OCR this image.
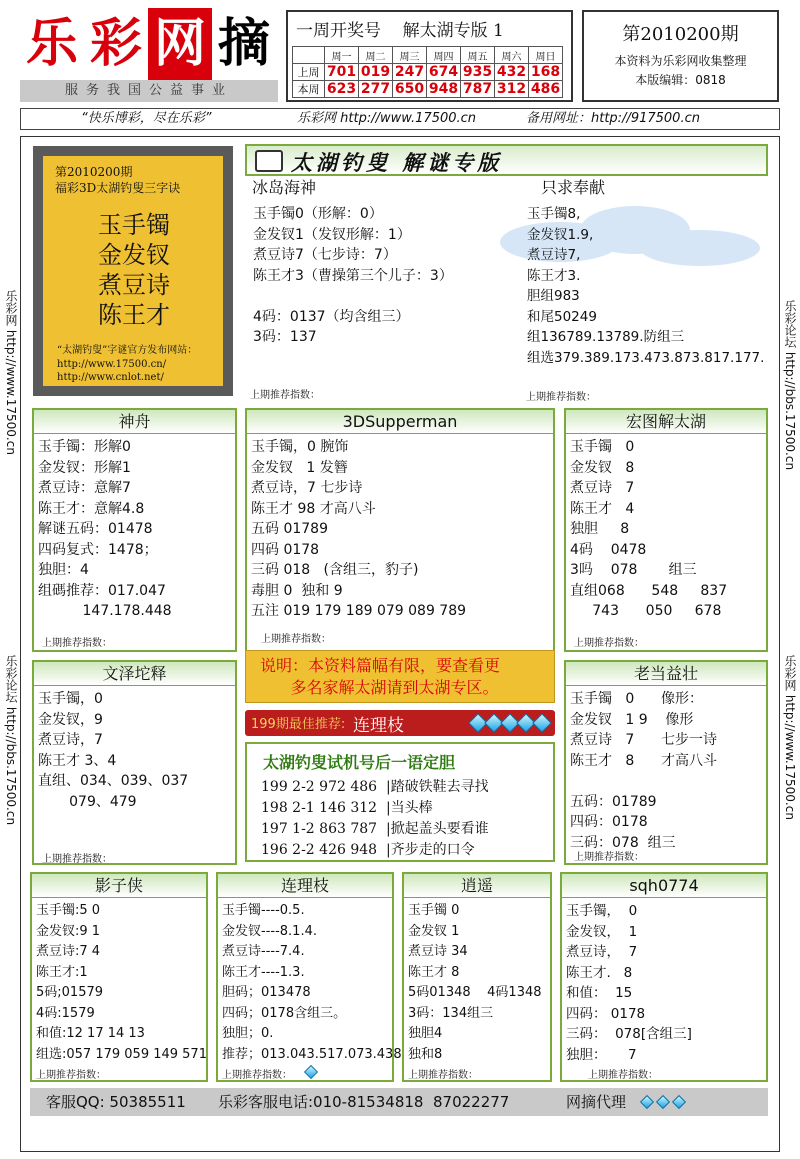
乐 彩 网 摘
服务我国公益事业
一周开奖号    解太湖专版 1
	周一	周二	周三	周四	周五	周六	周日
上周	701	019	247	674	935	432	168
本周	623	277	650	948	787	312	486
第2010200期
本资料为乐彩网收集整理
本版编辑：0818
“快乐博彩，尽在乐彩”	乐彩网 http://www.17500.cn	备用网址：http://917500.cn
乐彩网 http://www.17500.cn
乐彩论坛 http://bbs.17500.cn
乐彩论坛 http://bbs.17500.cn
乐彩网 http://www.17500.cn
第2010200期
福彩3D太湖钓叟三字诀
玉手镯
金发钗
煮豆诗
陈王才
“太湖钓叟”字谜官方发布网站：
http://www.17500.cn/
http://www.cnlot.net/
太湖钓叟 解谜专版
冰岛海神
玉手镯0（形解：0）
金发钗1（发钗形解：1）
煮豆诗7（七步诗：7）
陈王才3（曹操第三个儿子：3）

4码：0137（均含组三）
3码：137
上期推荐指数：
只求奉献
玉手镯8,
金发钗1.9,
煮豆诗7,
陈王才3.
胆组983
和尾50249
组136789.13789.防组三
组选379.389.173.473.873.817.177.
上期推荐指数：
神舟
玉手镯：形解0
金发钗：形解1
煮豆诗：意解7
陈王才：意解4.8
解谜五码：01478
四码复式：1478；
独胆：4
组碼推荐：017.047
147.178.448
上期推荐指数：
3DSupperman
玉手镯，0 腕饰
金发钗   1 发簪
煮豆诗，7 七步诗
陈王才 98 才高八斗
五码 01789
四码 0178
三码 018   (含组三，豹子)
毒胆 0  独和 9
五注 019 179 189 079 089 789
上期推荐指数：
宏图解太湖
玉手镯   0
金发钗   8
煮豆诗   7
陈王才   4
独胆     8
4码    0478
3吗    078       组三
直组068      548     837
743      050     678
上期推荐指数：
文泽坨释
玉手镯，0
金发钗，9
煮豆诗，7
陈王才 3、4
直组、034、039、037
079、479
上期推荐指数：
说明：本资料篇幅有限，要查看更
多名家解太湖请到太湖专区。
199期最佳推荐: 连理枝
太湖钓叟试机号后一语定胆
199 2-2 972 486  |踏破铁鞋去寻找
198 2-1 146 312  |当头棒
197 1-2 863 787  |掀起盖头要看谁
196 2-2 426 948  |齐步走的口令
老当益壮
玉手镯   0      像形：
金发钗   1 9    像形
煮豆诗   7      七步一诗
陈王才   8      才高八斗

五码：01789
四码：0178
三码：078  组三
上期推荐指数：
影子侠
玉手镯:5 0
金发钗:9 1
煮豆诗:7 4
陈王才:1
5码;01579
4码:1579
和值:12 17 14 13
组选:057 179 059 149 571
上期推荐指数：
连理枝
玉手镯----0.5.
金发钗----8.1.4.
煮豆诗----7.4.
陈王才----1.3.
胆码；013478
四码；0178含组三。
独胆；0.
推荐；013.043.517.073.438
上期推荐指数：
逍遥
玉手镯 0
金发钗 1
煮豆诗 34
陈王才 8
5码01348    4码1348
3码：134组三
独胆4
独和8
上期推荐指数：
sqh0774
玉手镯，  0
金发钗，  1
煮豆诗，  7
陈王才.   8
和值：  15
四码： 0178
三码：  078[含组三]
独胆：     7
上期推荐指数：
客服QQ: 50385511 乐彩客服电话:010-81534818  87022277	网摘代理
